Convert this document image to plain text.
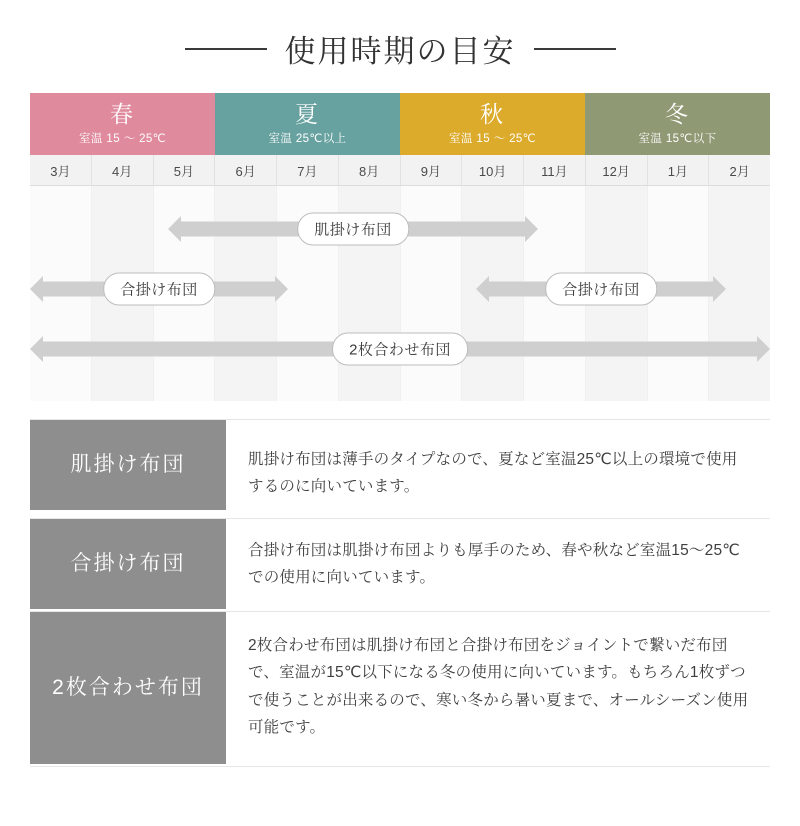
使用時期の目安
春
室温 15 〜 25℃
夏
室温 25℃以上
秋
室温 15 〜 25℃
冬
室温 15℃以下
3月	4月	5月	6月	7月	8月	9月	10月	11月	12月	1月	2月
肌掛け布団
合掛け布団	合掛け布団
2枚合わせ布団
肌掛け布団	肌掛け布団は薄手のタイプなので、夏など室温25℃以上の環境で使用するのに向いています。
合掛け布団
合掛け布団は肌掛け布団よりも厚手のため、春や秋など室温15〜25℃での使用に向いています。
2枚合わせ布団
2枚合わせ布団は肌掛け布団と合掛け布団をジョイントで繋いだ布団で、室温が15℃以下になる冬の使用に向いています。もちろん1枚ずつで使うことが出来るので、寒い冬から暑い夏まで、オールシーズン使用可能です。
